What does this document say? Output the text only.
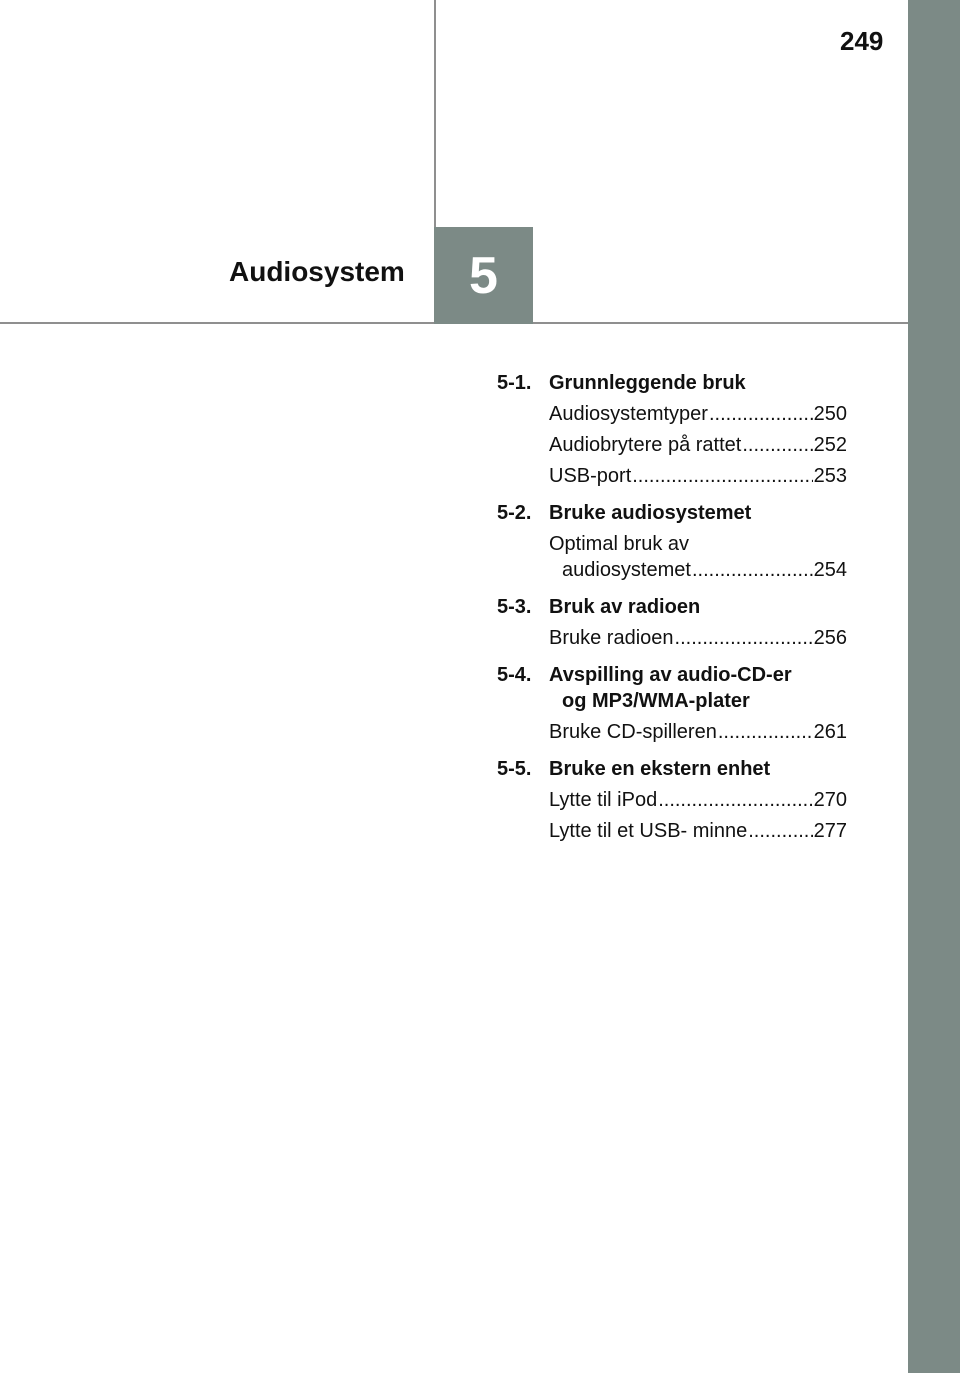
249
5
Audiosystem
5-1. Grunnleggende bruk
Audiosystemtyper .....	250
Audiobrytere på rattet .....	252
USB-port .....	253
5-2. Bruke audiosystemet
Optimal bruk av
audiosystemet .....	254
5-3. Bruk av radioen
Bruke radioen .....	256
5-4. Avspilling av audio-CD-er
og MP3/WMA-plater
Bruke CD-spilleren .....	261
5-5. Bruke en ekstern enhet
Lytte til iPod .....	270
Lytte til et USB- minne .....	277
